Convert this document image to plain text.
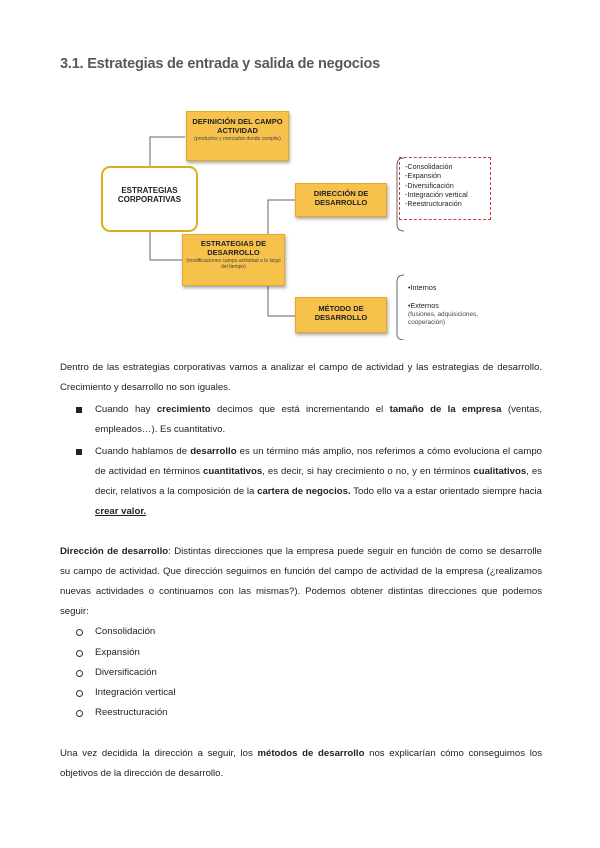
3.1. Estrategias de entrada y salida de negocios
ESTRATEGIAS CORPORATIVAS
DEFINICIÓN DEL CAMPO ACTIVIDAD
(productos y mercados donde compite)
ESTRATEGIAS DE DESARROLLO
(modificaciones campo actividad a lo largo del tiempo)
DIRECCIÓN DE DESARROLLO
MÉTODO DE DESARROLLO
-Consolidación
-Expansión
-Diversificación
-Integración vertical
-Reestructuración
•Internos
•Externos
(fusiones, adquisiciones, cooperación)
Dentro de las estrategias corporativas vamos a analizar el campo de actividad y las estrategias de desarrollo. Crecimiento y desarrollo no son iguales.
Cuando hay crecimiento decimos que está incrementando el tamaño de la empresa (ventas, empleados…). Es cuantitativo.
Cuando hablamos de desarrollo es un término más amplio, nos referimos a cómo evoluciona el campo de actividad en términos cuantitativos, es decir, si hay crecimiento o no, y en términos cualitativos, es decir, relativos a la composición de la cartera de negocios. Todo ello va a estar orientado siempre hacia crear valor.
Dirección de desarrollo: Distintas direcciones que la empresa puede seguir en función de como se desarrolle su campo de actividad. Que dirección seguimos en función del campo de actividad de la empresa (¿realizamos nuevas actividades o continuamos con las mismas?). Podemos obtener distintas direcciones que podemos seguir:
Consolidación
Expansión
Diversificación
Integración vertical
Reestructuración
Una vez decidida la dirección a seguir, los métodos de desarrollo nos explicarían cómo conseguimos los objetivos de la dirección de desarrollo.
